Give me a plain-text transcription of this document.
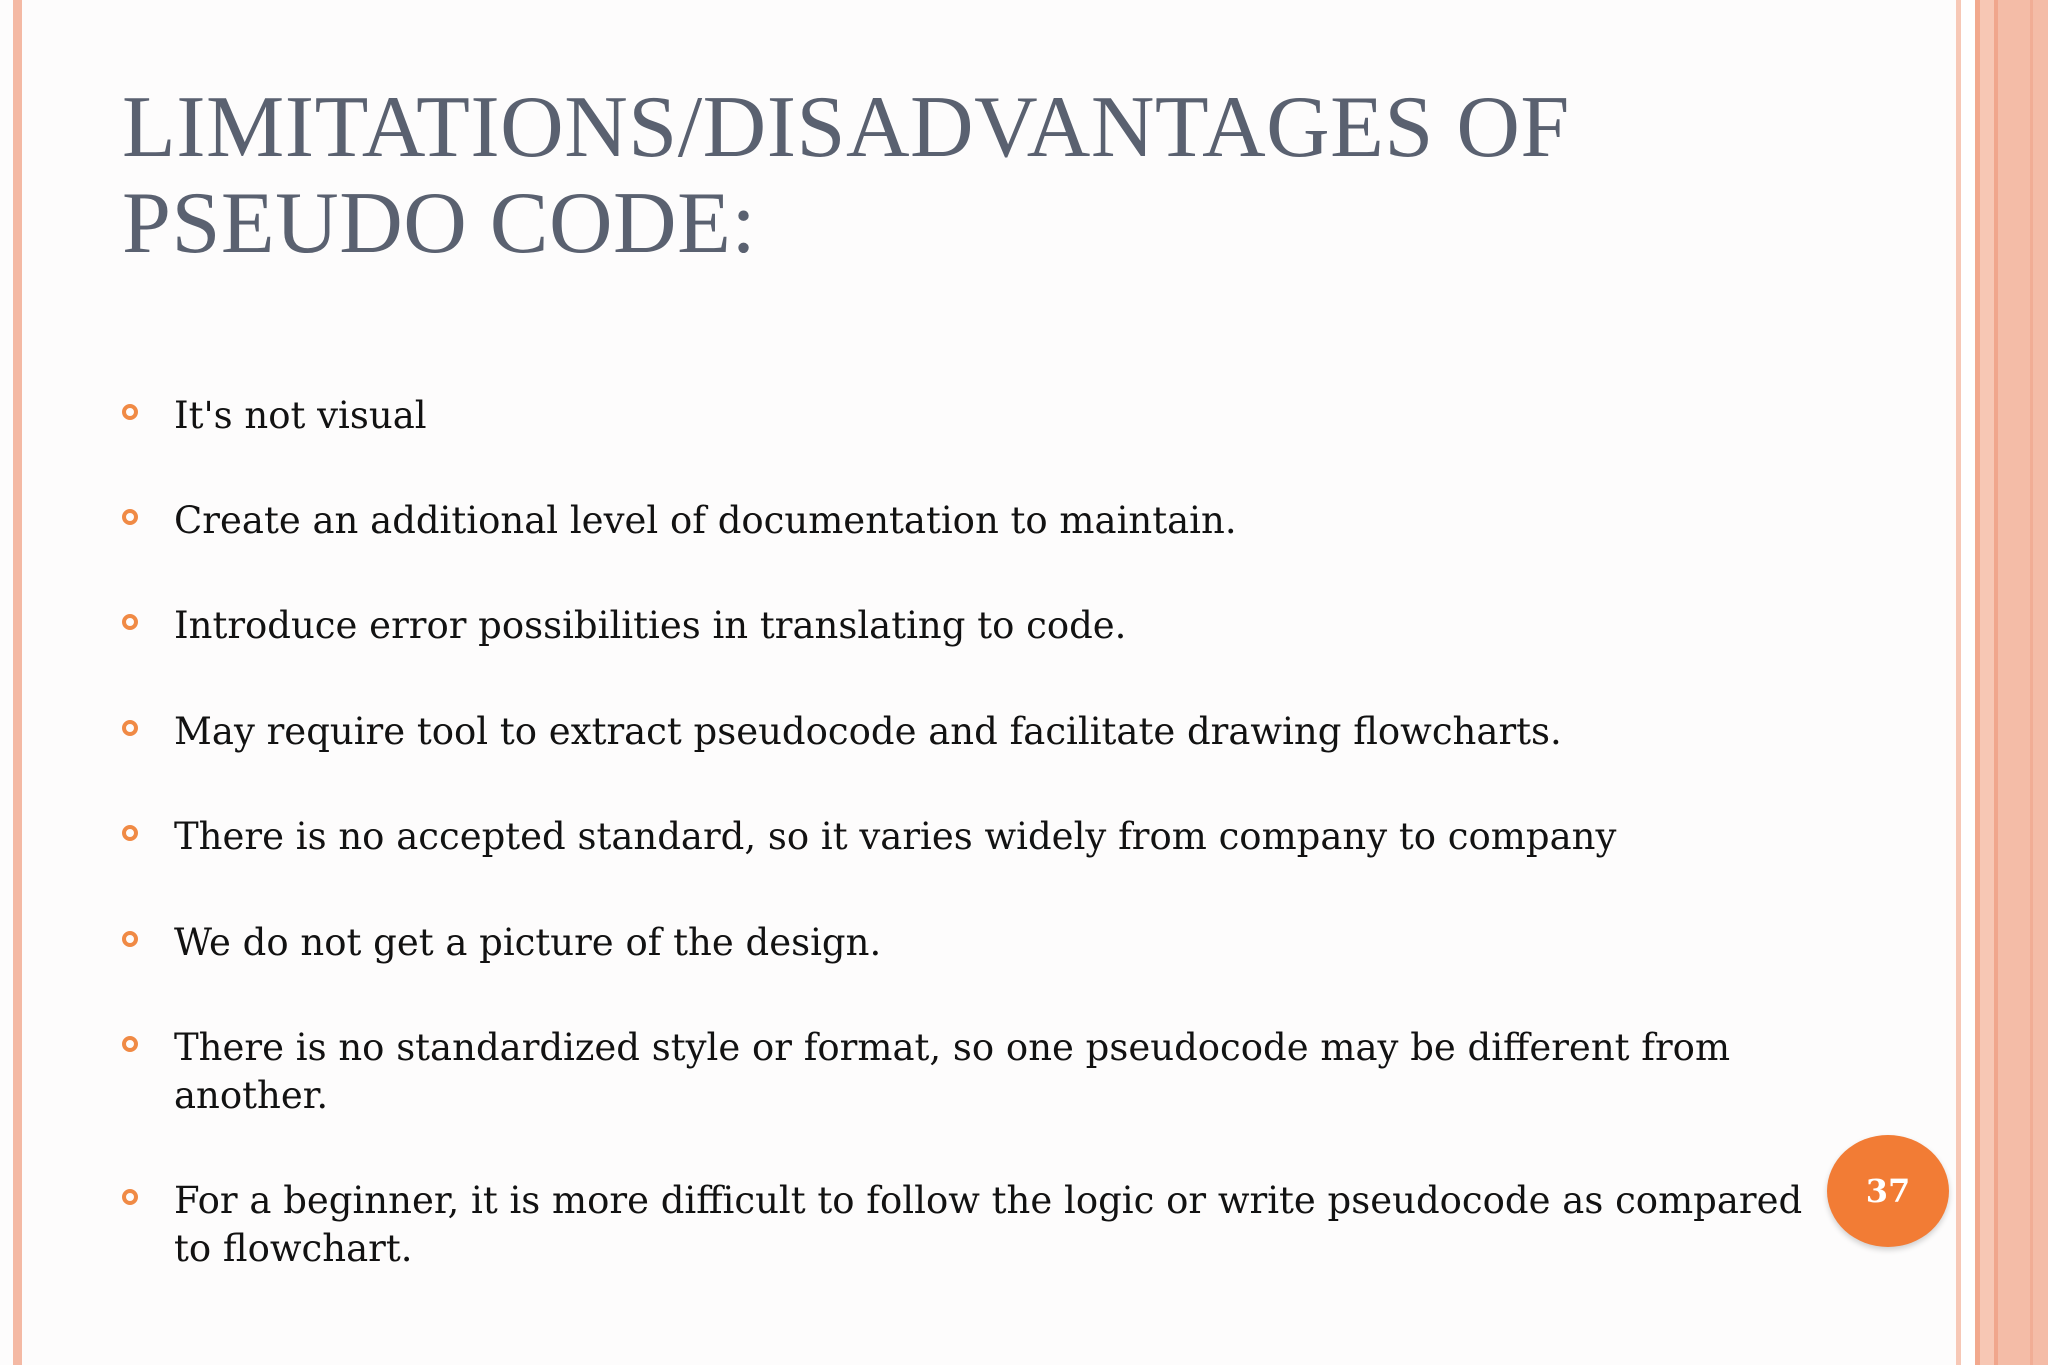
LIMITATIONS/DISADVANTAGES OF PSEUDO CODE:
It's not visual
Create an additional level of documentation to maintain.
Introduce error possibilities in translating to code.
May require tool to extract pseudocode and facilitate drawing flowcharts.
There is no accepted standard, so it varies widely from company to company
We do not get a picture of the design.
There is no standardized style or format, so one pseudocode may be different from another.
For a beginner, it is more difficult to follow the logic or write pseudocode as compared to flowchart.
37
